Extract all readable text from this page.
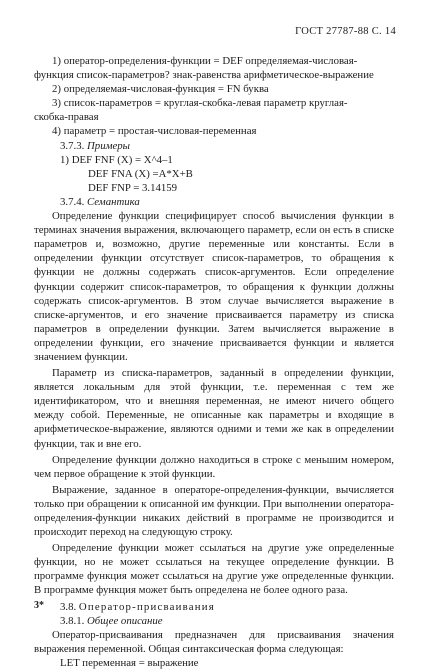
ГОСТ 27787-88 С. 14

1) оператор-определения-функции = DEF определяемая-числовая-

функция список-параметров? знак-равенства арифметическое-выражение

2) определяемая-числовая-функция = FN буква

3) список-параметров = круглая-скобка-левая параметр круглая-

скобка-правая

4) параметр = простая-числовая-переменная

3.7.3. Примеры

1) DEF FNF (X) = X^4–1

DEF FNA (X) =A*X+B

DEF FNP = 3.14159

3.7.4. Семантика

Определение функции специфицирует способ вычисления функции в терминах значения выражения, включающего параметр, если он есть в списке параметров и, возможно, другие переменные или константы. Если в определении функции отсутствует список-параметров, то обращения к функции не должны содержать список-аргументов. Если определение функции содержит список-параметров, то обращения к функции должны содержать список-аргументов. В этом случае вычисляется выражение в списке-аргументов, и его значение присваивается параметру из списка параметров в определении функции. Затем вычисляется выражение в определении функции, его значение присваивается функции и является значением функции.

Параметр из списка-параметров, заданный в определении функции, является локальным для этой функции, т.е. переменная с тем же идентификатором, что и внешняя переменная, не имеют ничего общего между собой. Переменные, не описанные как параметры и входящие в арифметическое-выражение, являются одними и теми же как в определении функции, так и вне его.

Определение функции должно находиться в строке с меньшим номером, чем первое обращение к этой функции.

Выражение, заданное в операторе-определения-функции, вычисляется только при обращении к описанной им функции. При выполнении оператора-определения-функции никаких действий в программе не производится и происходит переход на следующую строку.

Определение функции может ссылаться на другие уже определенные функции, но не может ссылаться на текущее определение функции. В программе функция может ссылаться на другие уже определенные функции. В программе функция может быть определена не более одного раза.

3.8. Оператор-присваивания

3.8.1. Общее описание

Оператор-присваивания предназначен для присваивания значения выражения переменной. Общая синтаксическая форма следующая:

LET переменная = выражение

3*
